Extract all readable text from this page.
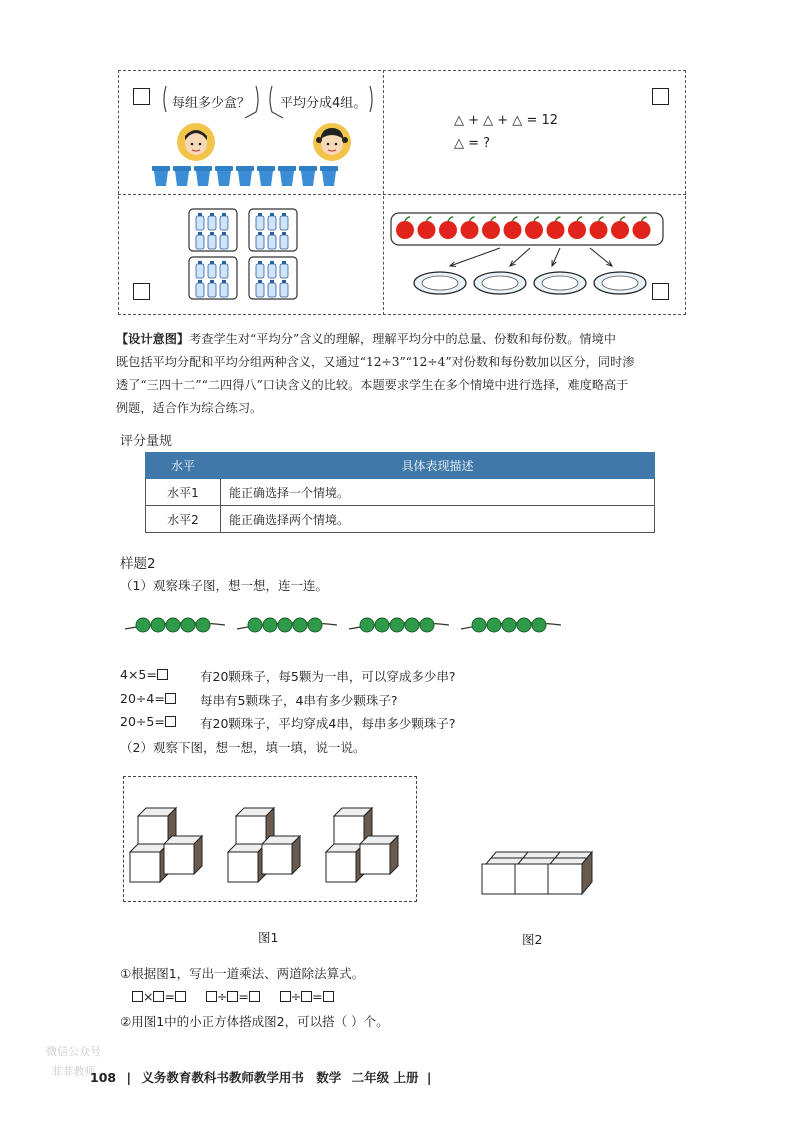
每组多少盒？ 平均分成4组。
△ + △ + △ = 12
△ = ?
【设计意图】考查学生对“平均分”含义的理解，理解平均分中的总量、份数和每份数。情境中
既包括平均分配和平均分组两种含义，又通过“12÷3”“12÷4”对份数和每份数加以区分，同时渗
透了“三四十二”“二四得八”口诀含义的比较。本题要求学生在多个情境中进行选择，难度略高于
例题，适合作为综合练习。
评分量规
水平	具体表现描述
水平1	能正确选择一个情境。
水平2	能正确选择两个情境。
样题2
（1）观察珠子图，想一想，连一连。
4×5=	有20颗珠子，每5颗为一串，可以穿成多少串?
20÷4=	每串有5颗珠子，4串有多少颗珠子?
20÷5=	有20颗珠子，平均穿成4串，每串多少颗珠子?
（2）观察下图，想一想，填一填，说一说。
图1	图2
①根据图1，写出一道乘法、两道除法算式。
× =	÷ =	÷ =
②用图1中的小正方体搭成图2，可以搭（ ）个。
微信公众号
菲菲教师
108 | 义务教育教科书教师教学用书 数学 二年级 上册 |
